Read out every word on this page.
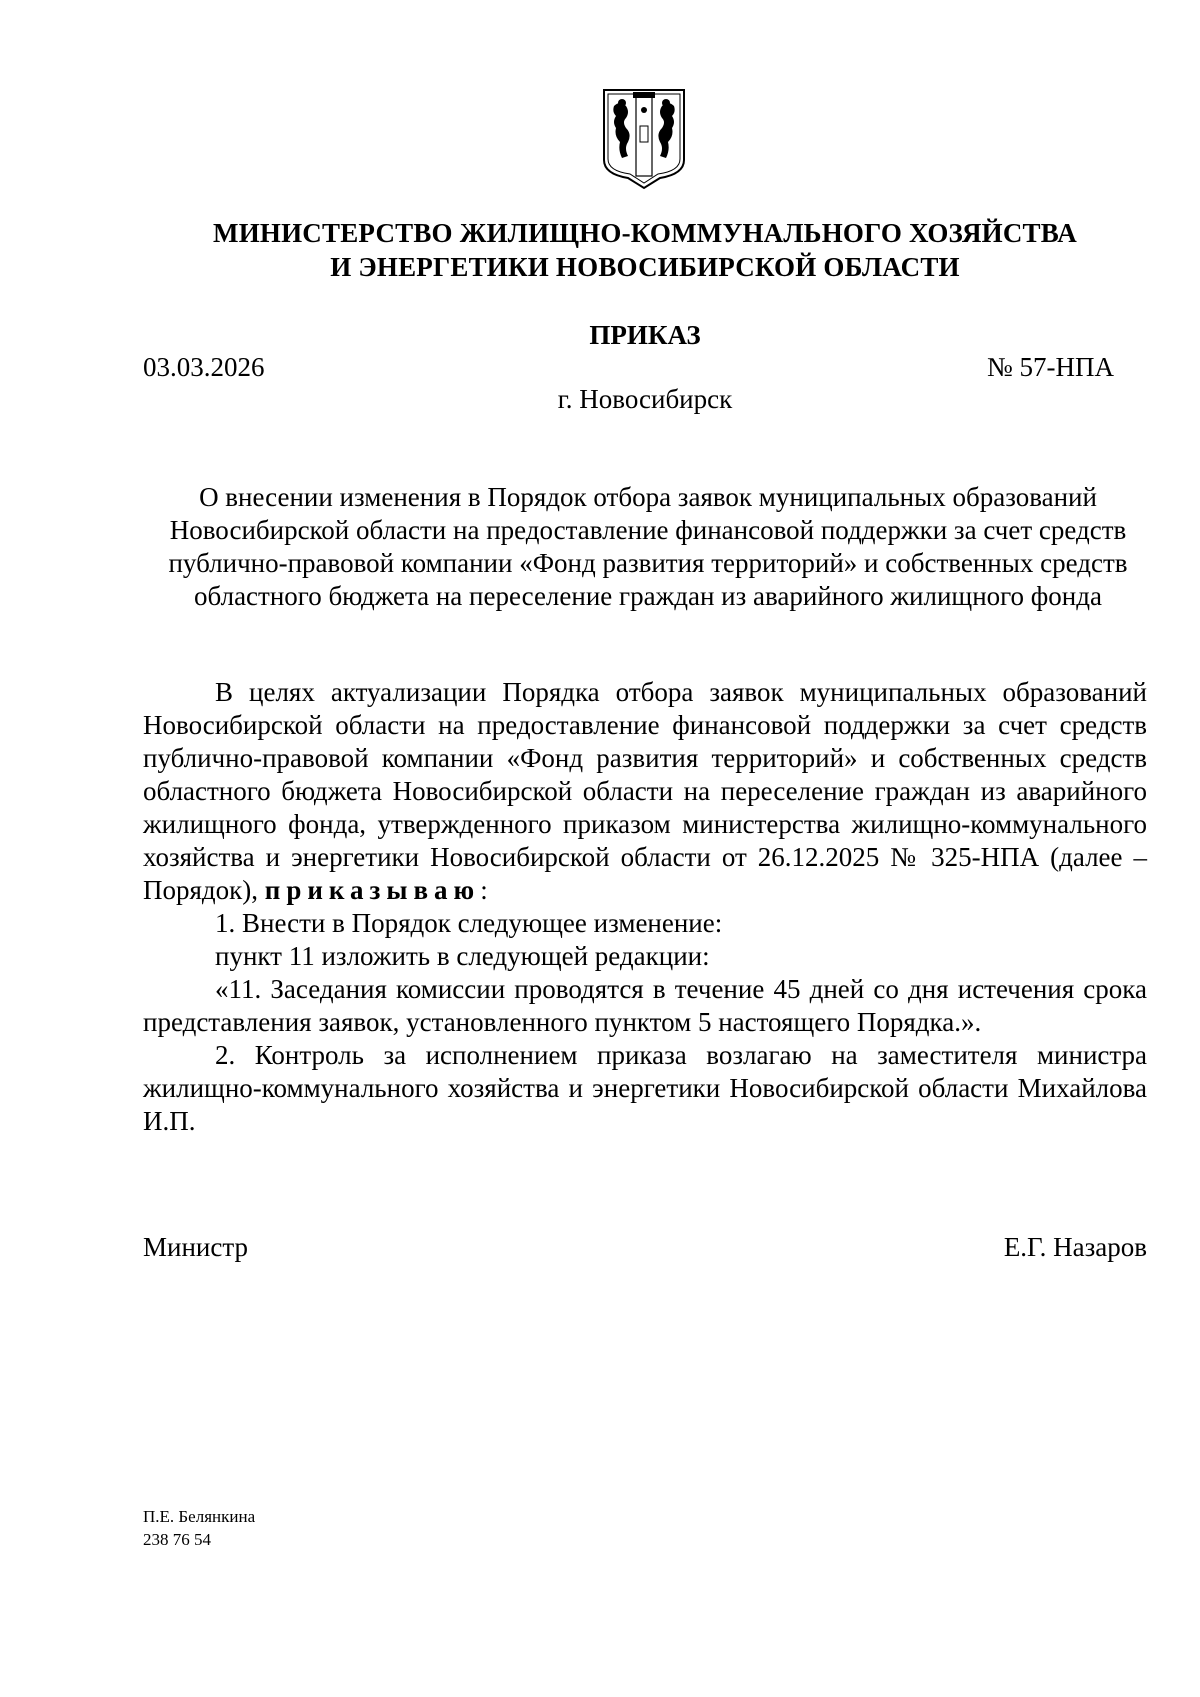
МИНИСТЕРСТВО ЖИЛИЩНО-КОММУНАЛЬНОГО ХОЗЯЙСТВА
И ЭНЕРГЕТИКИ НОВОСИБИРСКОЙ ОБЛАСТИ
ПРИКАЗ
03.03.2026	№ 57-НПА
г. Новосибирск
О внесении изменения в Порядок отбора заявок муниципальных образований Новосибирской области на предоставление финансовой поддержки за счет средств публично-правовой компании «Фонд развития территорий» и собственных средств областного бюджета на переселение граждан из аварийного жилищного фонда

В целях актуализации Порядка отбора заявок муниципальных образований Новосибирской области на предоставление финансовой поддержки за счет средств публично-правовой компании «Фонд развития территорий» и собственных средств областного бюджета Новосибирской области на переселение граждан из аварийного жилищного фонда, утвержденного приказом министерства жилищно-коммунального хозяйства и энергетики Новосибирской области от 26.12.2025 № 325-НПА (далее – Порядок), приказываю:

1. Внести в Порядок следующее изменение:

пункт 11 изложить в следующей редакции:

«11. Заседания комиссии проводятся в течение 45 дней со дня истечения срока представления заявок, установленного пунктом 5 настоящего Порядка.».

2. Контроль за исполнением приказа возлагаю на заместителя министра жилищно-коммунального хозяйства и энергетики Новосибирской области Михайлова И.П.

Министр	Е.Г. Назаров
П.Е. Белянкина
238 76 54
